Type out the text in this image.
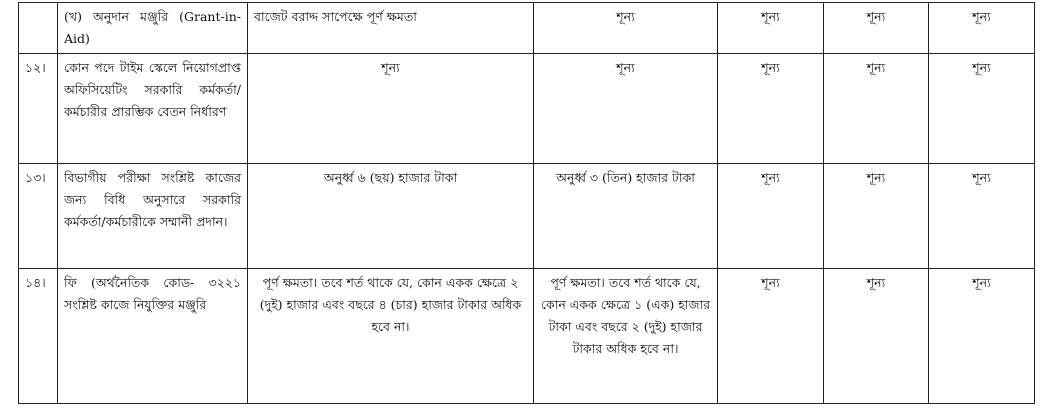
	(খ) অনুদান মঞ্জুরি (Grant-in-Aid)	বাজেট বরাদ্দ সাপেক্ষে পূর্ণ ক্ষমতা	শূন্য	শূন্য	শূন্য	শূন্য
১২।	কোন পদে টাইম স্কেলে নিয়োগপ্রাপ্ত অফিসিয়েটিং সরকারি কর্মকর্তা/কর্মচারীর প্রারম্ভিক বেতন নির্ধারণ	শূন্য	শূন্য	শূন্য	শূন্য	শূন্য
১৩।	বিভাগীয় পরীক্ষা সংশ্লিষ্ট কাজের জন্য বিধি অনুসারে সরকারি কর্মকর্তা/কর্মচারীকে সম্মানী প্রদান।	অনুর্ধ্ব ৬ (ছয়) হাজার টাকা	অনুর্ধ্ব ৩ (তিন) হাজার টাকা	শূন্য	শূন্য	শূন্য
১৪।	ফি (অর্থনৈতিক কোড- ৩২২১ সংশ্লিষ্ট কাজে নিযুক্তির মঞ্জুরি	পূর্ণ ক্ষমতা। তবে শর্ত থাকে যে, কোন একক ক্ষেত্রে ২ (দুই) হাজার এবং বছরে ৪ (চার) হাজার টাকার অধিক হবে না।	পূর্ণ ক্ষমতা। তবে শর্ত থাকে যে, কোন একক ক্ষেত্রে ১ (এক) হাজার টাকা এবং বছরে ২ (দুই) হাজার টাকার অধিক হবে না।	শূন্য	শূন্য	শূন্য
